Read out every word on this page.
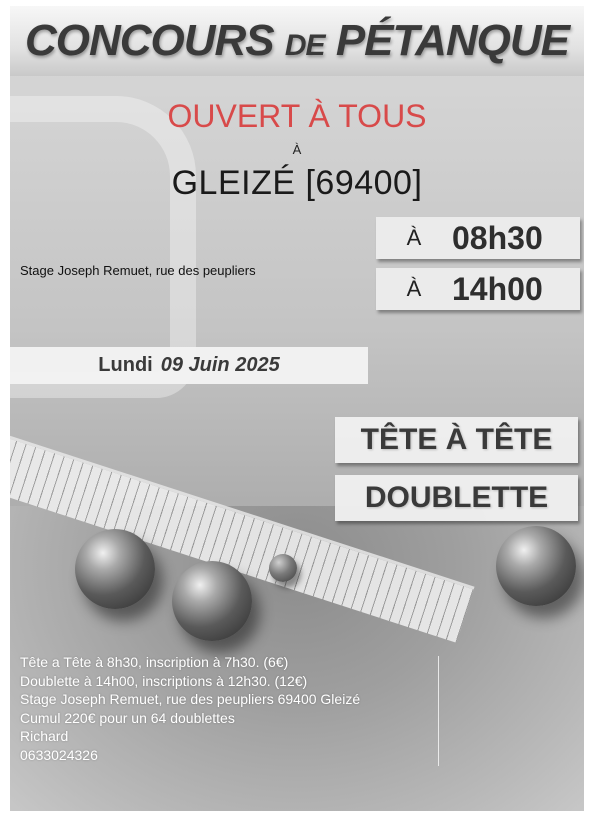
CONCOURS DE PÉTANQUE
OUVERT À TOUS
À
GLEIZÉ [69400]
Stage Joseph Remuet, rue des peupliers
À 08h30
À 14h00
Lundi 09 Juin 2025
TÊTE À TÊTE
DOUBLETTE
Tête a Tête à 8h30, inscription à 7h30. (6€)
Doublette à 14h00, inscriptions à 12h30. (12€)
Stage Joseph Remuet, rue des peupliers 69400 Gleizé
Cumul 220€ pour un 64 doublettes
Richard
0633024326
